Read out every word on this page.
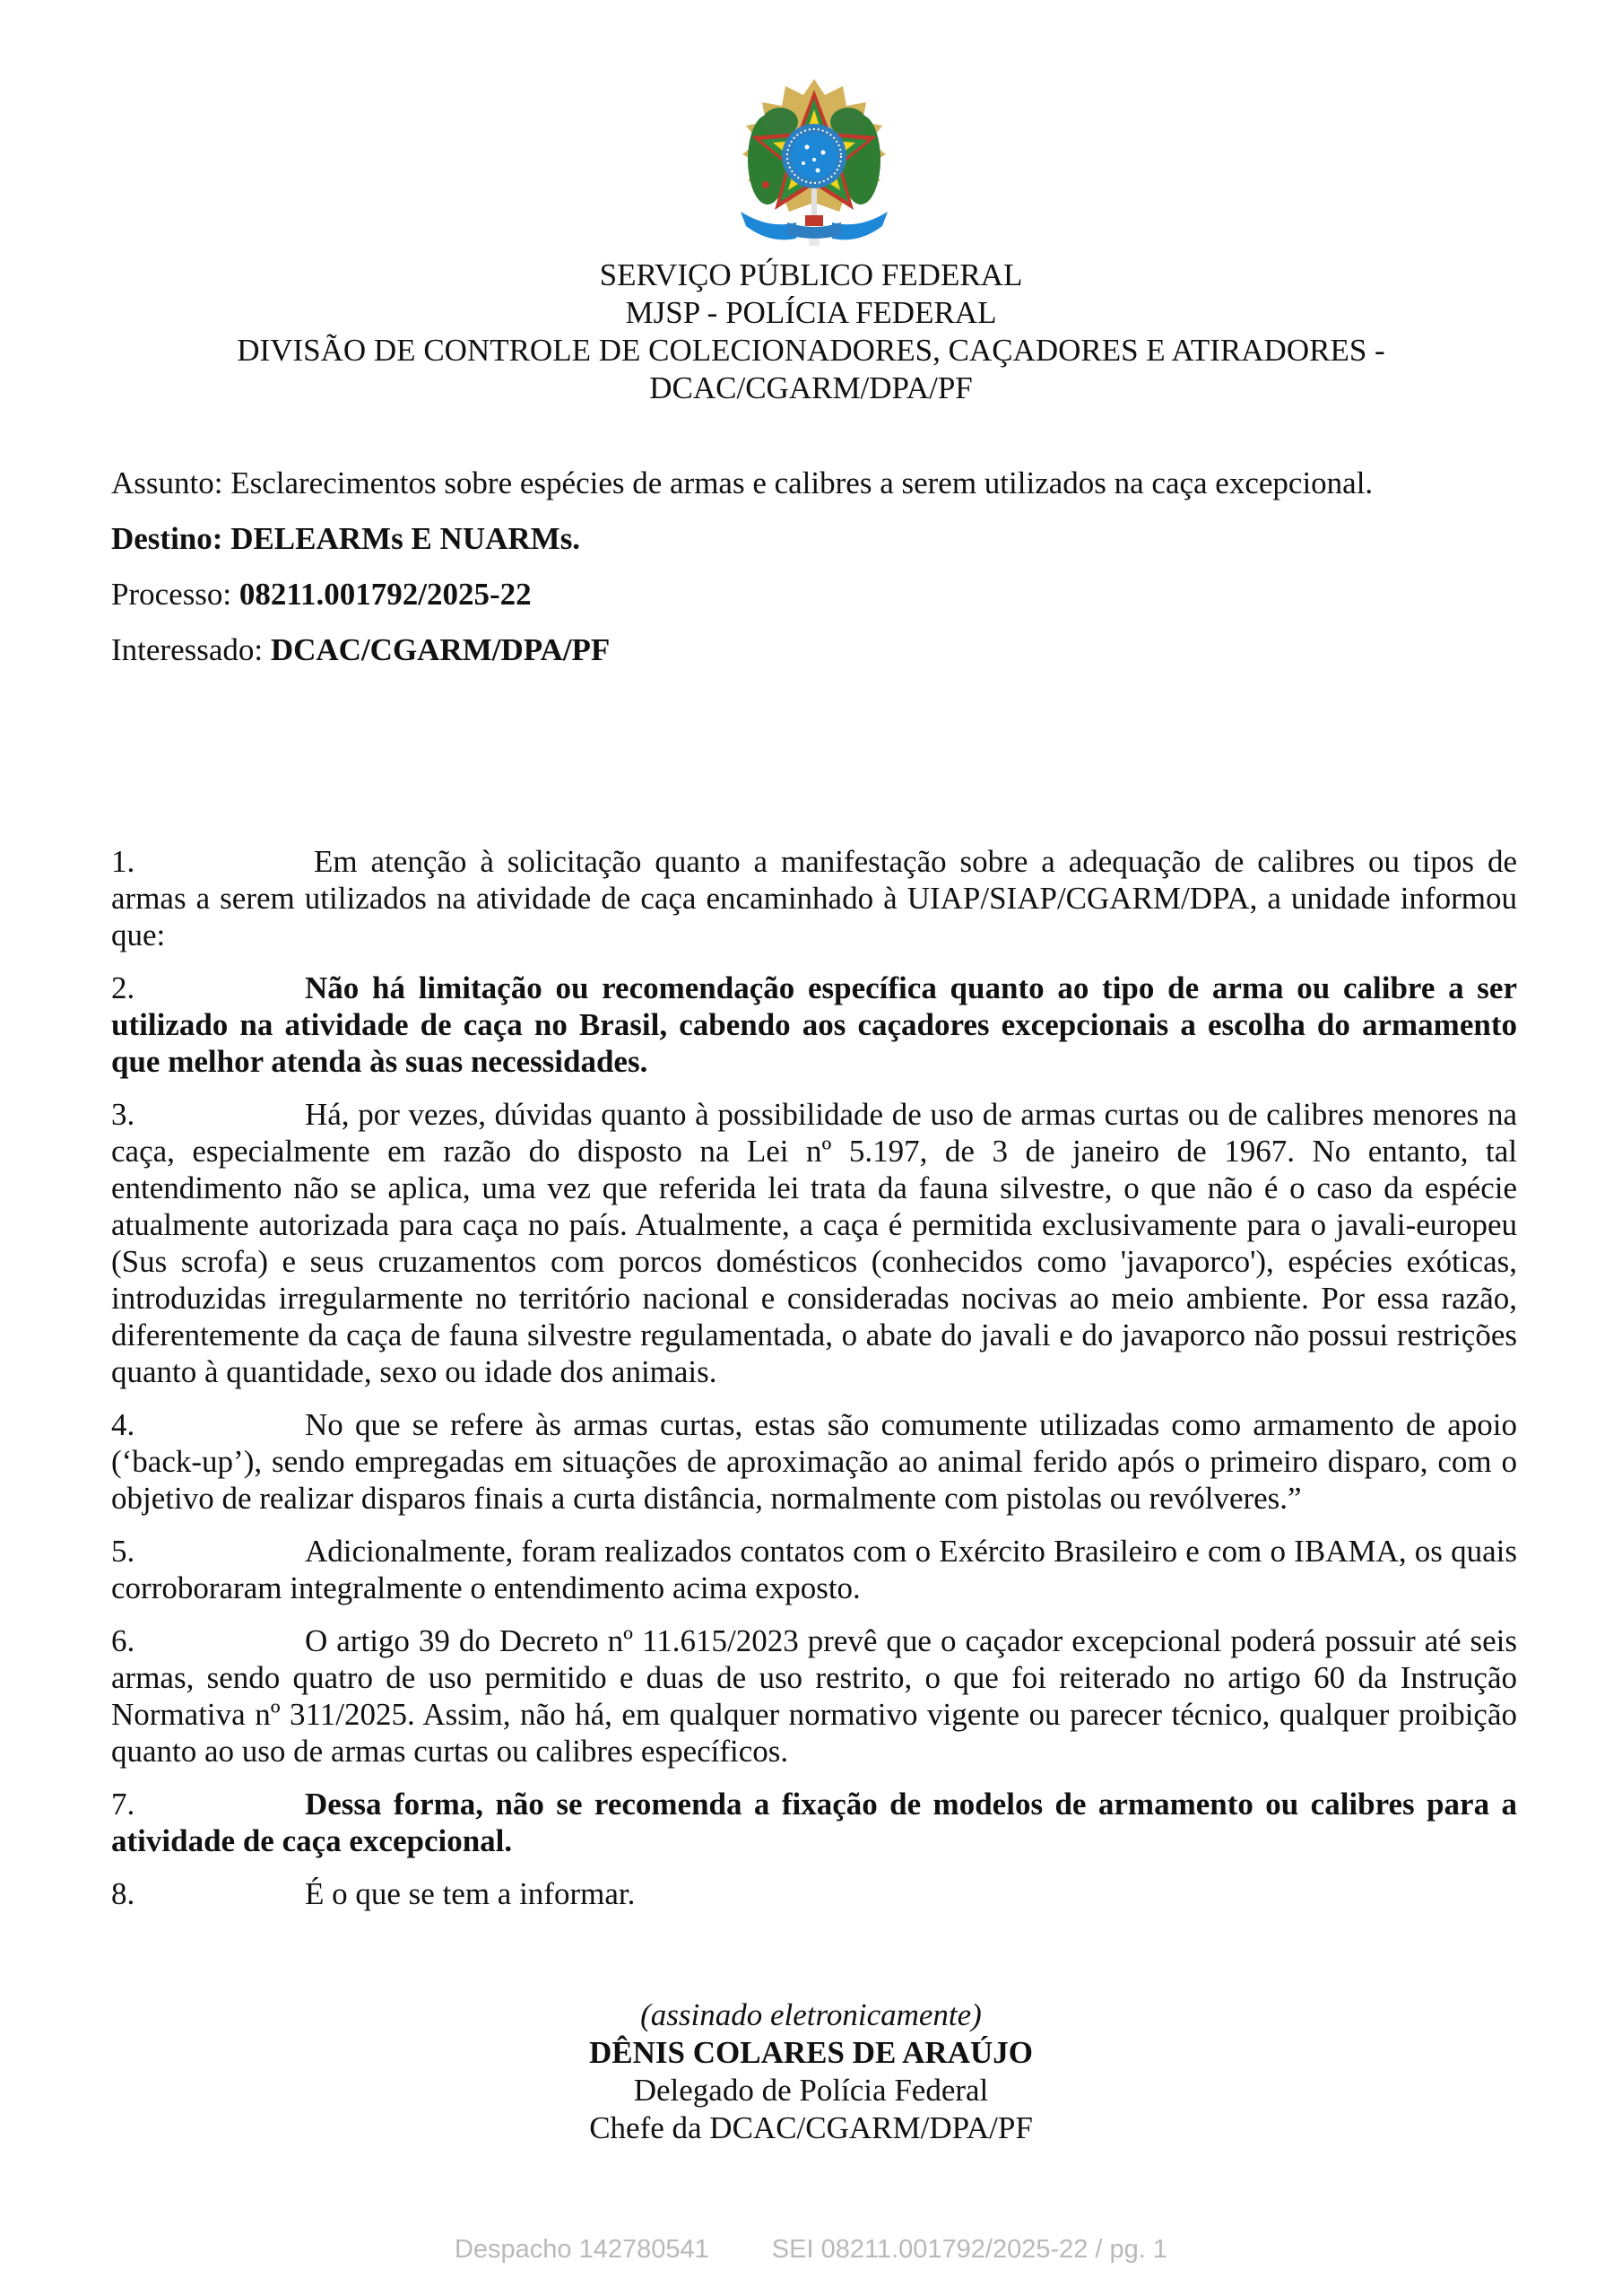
SERVIÇO PÚBLICO FEDERAL
MJSP - POLÍCIA FEDERAL
DIVISÃO DE CONTROLE DE COLECIONADORES, CAÇADORES E ATIRADORES -
DCAC/CGARM/DPA/PF

Assunto: Esclarecimentos sobre espécies de armas e calibres a serem utilizados na caça excepcional.

Destino: DELEARMs E NUARMs.

Processo: 08211.001792/2025-22

Interessado: DCAC/CGARM/DPA/PF

1.	Em atenção à solicitação quanto a manifestação sobre a adequação de calibres ou tipos de armas a serem utilizados na atividade de caça encaminhado à UIAP/SIAP/CGARM/DPA, a unidade informou que:

2.	Não há limitação ou recomendação específica quanto ao tipo de arma ou calibre a ser utilizado na atividade de caça no Brasil, cabendo aos caçadores excepcionais a escolha do armamento que melhor atenda às suas necessidades.

3.	Há, por vezes, dúvidas quanto à possibilidade de uso de armas curtas ou de calibres menores na caça, especialmente em razão do disposto na Lei nº 5.197, de 3 de janeiro de 1967. No entanto, tal entendimento não se aplica, uma vez que referida lei trata da fauna silvestre, o que não é o caso da espécie atualmente autorizada para caça no país. Atualmente, a caça é permitida exclusivamente para o javali-europeu (Sus scrofa) e seus cruzamentos com porcos domésticos (conhecidos como 'javaporco'), espécies exóticas, introduzidas irregularmente no território nacional e consideradas nocivas ao meio ambiente. Por essa razão, diferentemente da caça de fauna silvestre regulamentada, o abate do javali e do javaporco não possui restrições quanto à quantidade, sexo ou idade dos animais.

4.	No que se refere às armas curtas, estas são comumente utilizadas como armamento de apoio (‘back-up’), sendo empregadas em situações de aproximação ao animal ferido após o primeiro disparo, com o objetivo de realizar disparos finais a curta distância, normalmente com pistolas ou revólveres.”

5.	Adicionalmente, foram realizados contatos com o Exército Brasileiro e com o IBAMA, os quais corroboraram integralmente o entendimento acima exposto.

6.	O artigo 39 do Decreto nº 11.615/2023 prevê que o caçador excepcional poderá possuir até seis armas, sendo quatro de uso permitido e duas de uso restrito, o que foi reiterado no artigo 60 da Instrução Normativa nº 311/2025. Assim, não há, em qualquer normativo vigente ou parecer técnico, qualquer proibição quanto ao uso de armas curtas ou calibres específicos.

7.	Dessa forma, não se recomenda a fixação de modelos de armamento ou calibres para a atividade de caça excepcional.

8.	É o que se tem a informar.

(assinado eletronicamente)
DÊNIS COLARES DE ARAÚJO
Delegado de Polícia Federal
Chefe da DCAC/CGARM/DPA/PF
Despacho 142780541 SEI 08211.001792/2025-22 / pg. 1
